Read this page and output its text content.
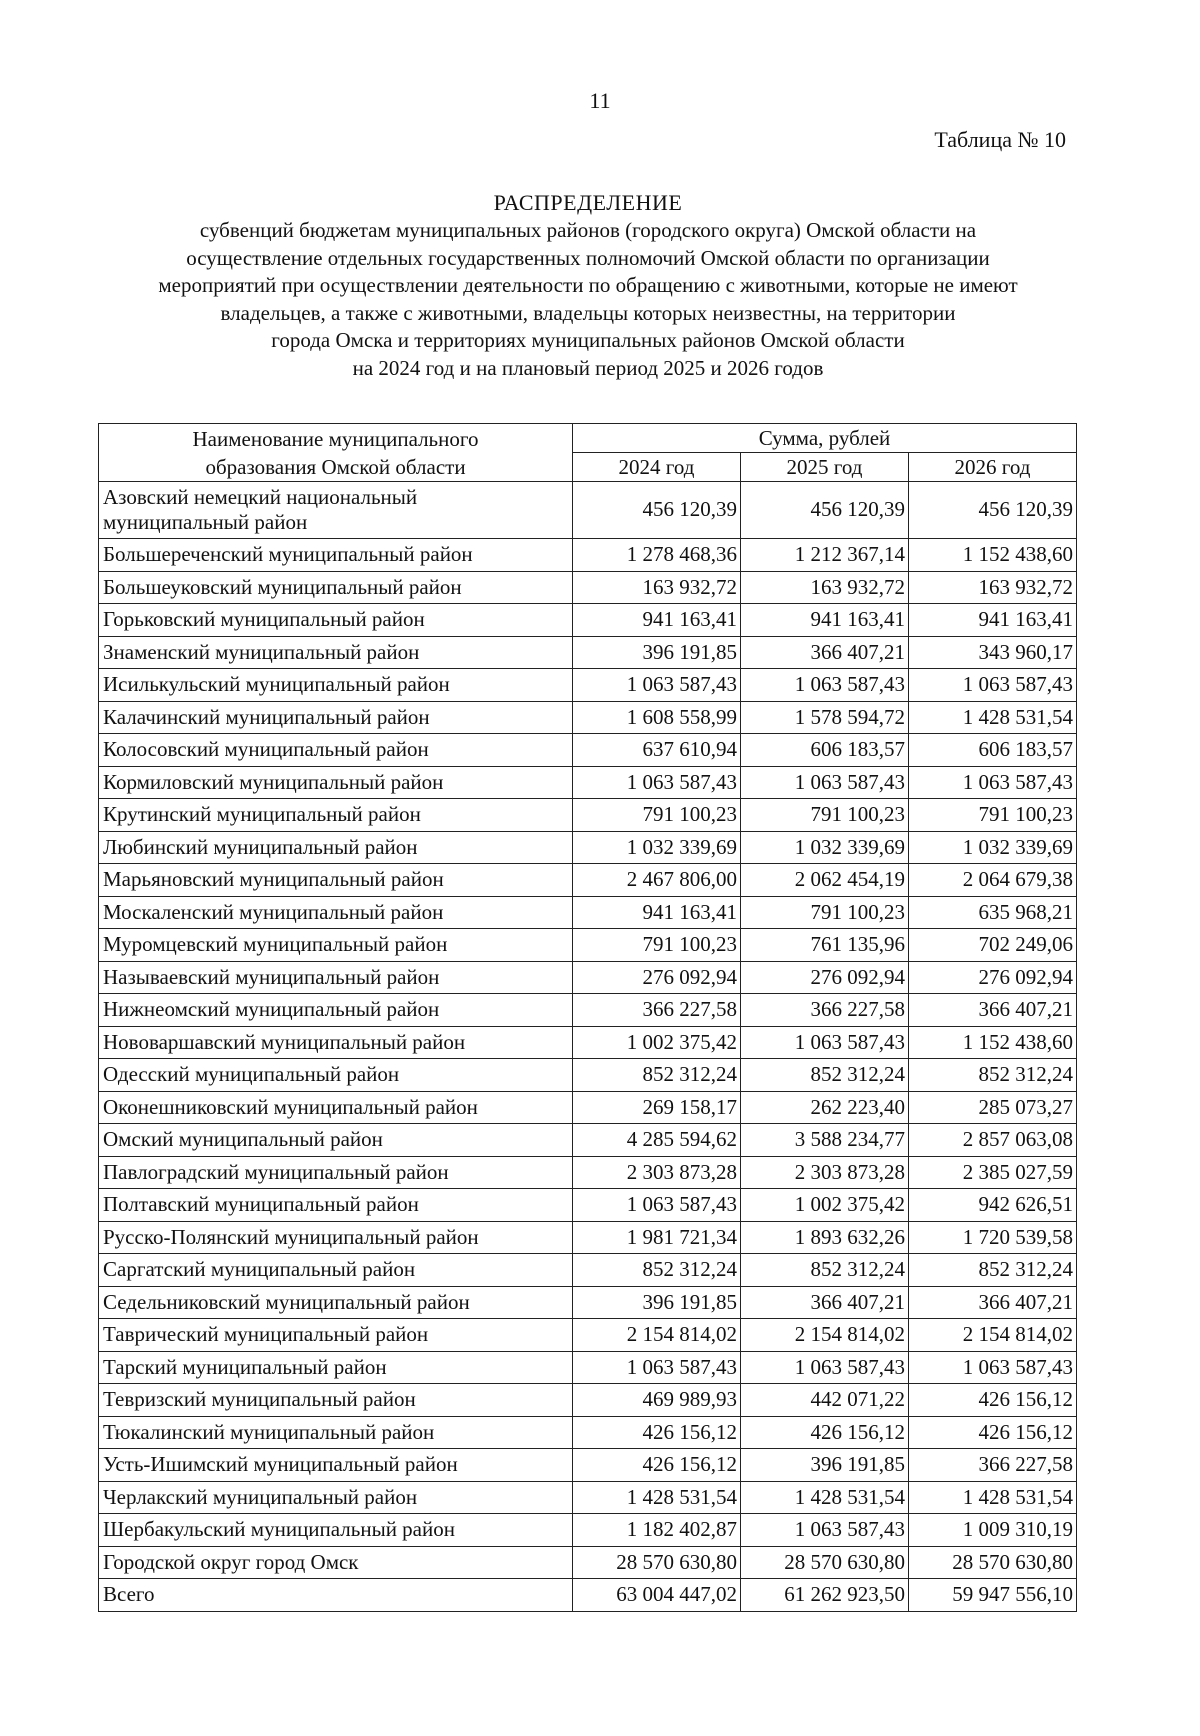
11
Таблица № 10
РАСПРЕДЕЛЕНИЕ
субвенций бюджетам муниципальных районов (городского округа) Омской области на
осуществление отдельных государственных полномочий Омской области по организации
мероприятий при осуществлении деятельности по обращению с животными, которые не имеют
владельцев, а также с животными, владельцы которых неизвестны, на территории
города Омска и территориях муниципальных районов Омской области
на 2024 год и на плановый период 2025 и 2026 годов
Наименование муниципального
образования Омской области	Сумма, рублей		
	2024 год	2025 год	2026 год
Азовский немецкий национальный муниципальный район	456 120,39	456 120,39	456 120,39
Большереченский муниципальный район	1 278 468,36	1 212 367,14	1 152 438,60
Большеуковский муниципальный район	163 932,72	163 932,72	163 932,72
Горьковский муниципальный район	941 163,41	941 163,41	941 163,41
Знаменский муниципальный район	396 191,85	366 407,21	343 960,17
Исилькульский муниципальный район	1 063 587,43	1 063 587,43	1 063 587,43
Калачинский муниципальный район	1 608 558,99	1 578 594,72	1 428 531,54
Колосовский муниципальный район	637 610,94	606 183,57	606 183,57
Кормиловский муниципальный район	1 063 587,43	1 063 587,43	1 063 587,43
Крутинский муниципальный район	791 100,23	791 100,23	791 100,23
Любинский муниципальный район	1 032 339,69	1 032 339,69	1 032 339,69
Марьяновский муниципальный район	2 467 806,00	2 062 454,19	2 064 679,38
Москаленский муниципальный район	941 163,41	791 100,23	635 968,21
Муромцевский муниципальный район	791 100,23	761 135,96	702 249,06
Называевский муниципальный район	276 092,94	276 092,94	276 092,94
Нижнеомский муниципальный район	366 227,58	366 227,58	366 407,21
Нововаршавский муниципальный район	1 002 375,42	1 063 587,43	1 152 438,60
Одесский муниципальный район	852 312,24	852 312,24	852 312,24
Оконешниковский муниципальный район	269 158,17	262 223,40	285 073,27
Омский муниципальный район	4 285 594,62	3 588 234,77	2 857 063,08
Павлоградский муниципальный район	2 303 873,28	2 303 873,28	2 385 027,59
Полтавский муниципальный район	1 063 587,43	1 002 375,42	942 626,51
Русско-Полянский муниципальный район	1 981 721,34	1 893 632,26	1 720 539,58
Саргатский муниципальный район	852 312,24	852 312,24	852 312,24
Седельниковский муниципальный район	396 191,85	366 407,21	366 407,21
Таврический муниципальный район	2 154 814,02	2 154 814,02	2 154 814,02
Тарский муниципальный район	1 063 587,43	1 063 587,43	1 063 587,43
Тевризский муниципальный район	469 989,93	442 071,22	426 156,12
Тюкалинский муниципальный район	426 156,12	426 156,12	426 156,12
Усть-Ишимский муниципальный район	426 156,12	396 191,85	366 227,58
Черлакский муниципальный район	1 428 531,54	1 428 531,54	1 428 531,54
Шербакульский муниципальный район	1 182 402,87	1 063 587,43	1 009 310,19
Городской округ город Омск	28 570 630,80	28 570 630,80	28 570 630,80
Всего	63 004 447,02	61 262 923,50	59 947 556,10
